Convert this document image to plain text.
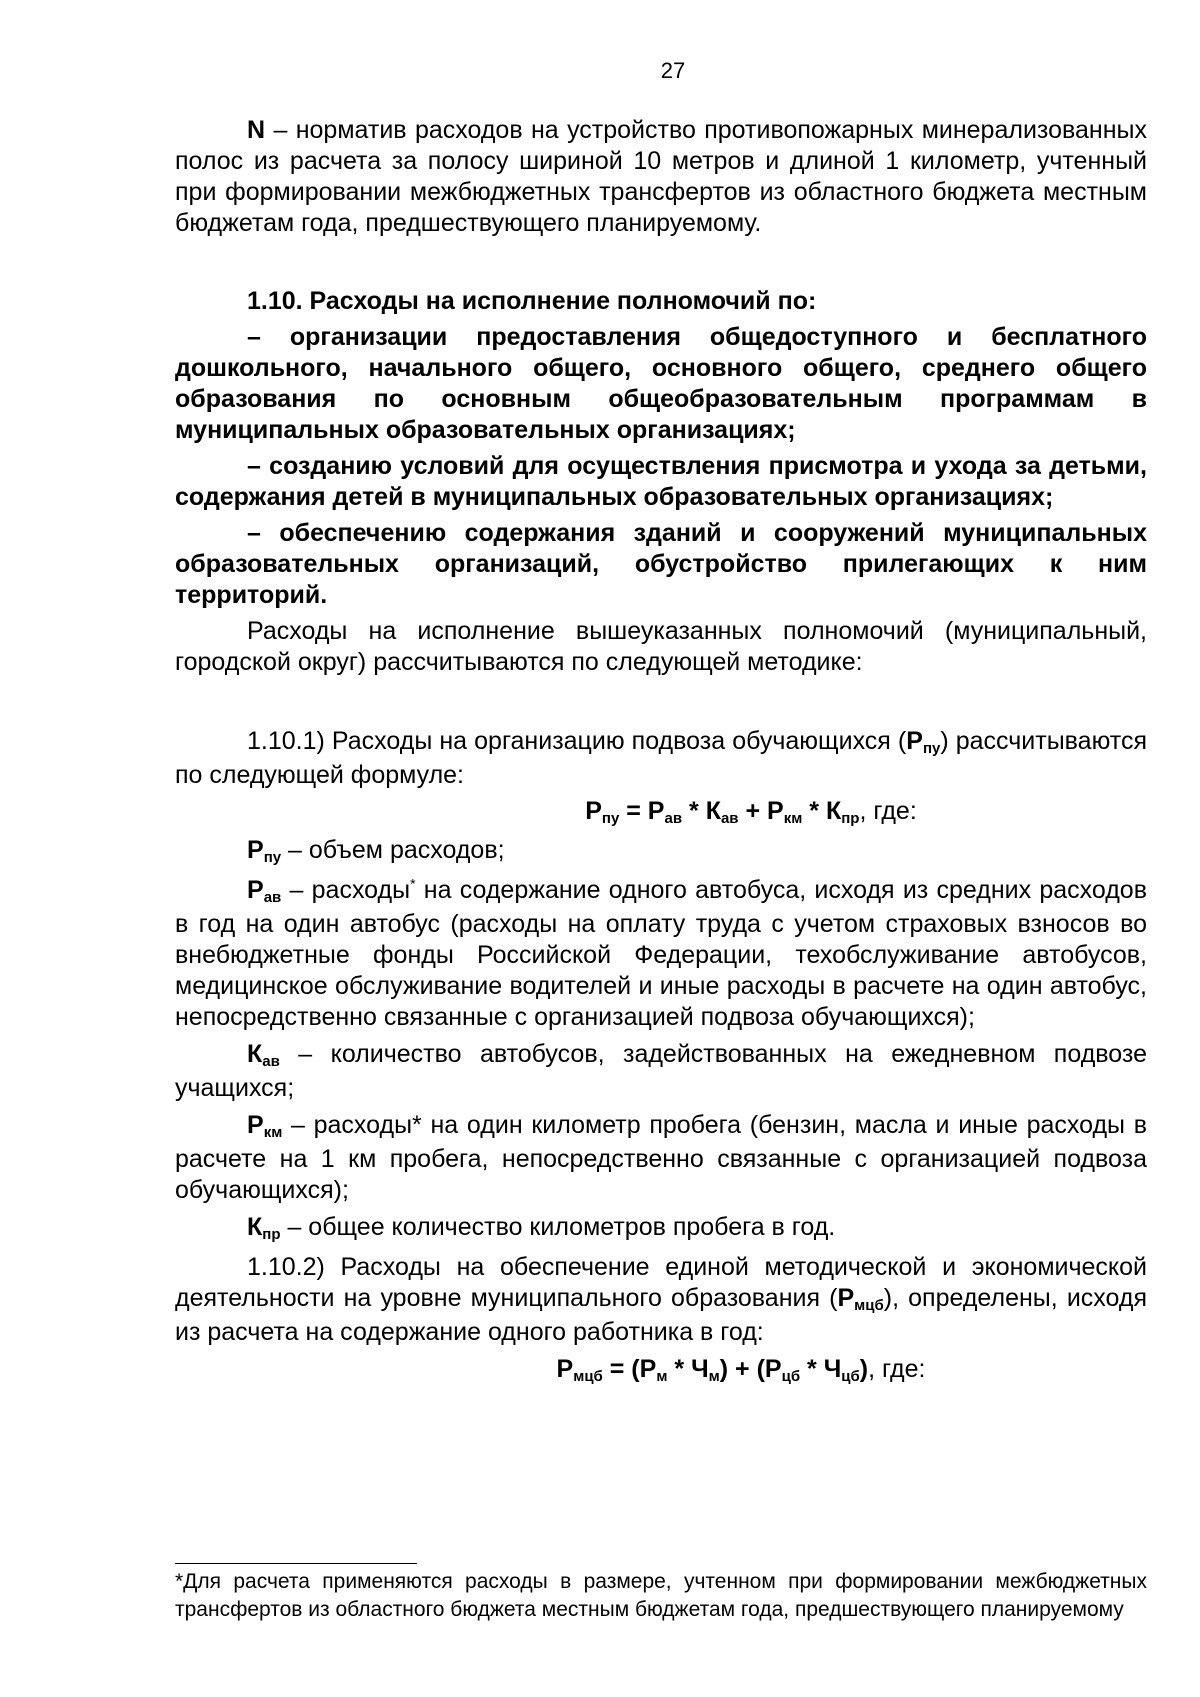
27

N – норматив расходов на устройство противопожарных минерализованных полос из расчета за полосу шириной 10 метров и длиной 1 километр, учтенный при формировании межбюджетных трансфертов из областного бюджета местным бюджетам года, предшествующего планируемому.

1.10. Расходы на исполнение полномочий по:

– организации предоставления общедоступного и бесплатного дошкольного, начального общего, основного общего, среднего общего образования по основным общеобразовательным программам в муниципальных образовательных организациях;

– созданию условий для осуществления присмотра и ухода за детьми, содержания детей в муниципальных образовательных организациях;

– обеспечению содержания зданий и сооружений муниципальных образовательных организаций, обустройство прилегающих к ним территорий.

Расходы на исполнение вышеуказанных полномочий (муниципальный, городской округ) рассчитываются по следующей методике:

1.10.1) Расходы на организацию подвоза обучающихся $(Р_{пу})$ рассчитываются по следующей формуле:

$Р_{пу} = Р_{ав} * К_{ав} + Р_{км} * К_{пр}$, где:

$Р_{пу}$ – объем расходов;

$Р_{ав}$ – расходы* на содержание одного автобуса, исходя из средних расходов в год на один автобус (расходы на оплату труда с учетом страховых взносов во внебюджетные фонды Российской Федерации, техобслуживание автобусов, медицинское обслуживание водителей и иные расходы в расчете на один автобус, непосредственно связанные с организацией подвоза обучающихся);

$К_{ав}$ – количество автобусов, задействованных на ежедневном подвозе учащихся;

$Р_{км}$ – расходы* на один километр пробега (бензин, масла и иные расходы в расчете на 1 км пробега, непосредственно связанные с организацией подвоза обучающихся);

$К_{пр}$ – общее количество километров пробега в год.

1.10.2) Расходы на обеспечение единой методической и экономической деятельности на уровне муниципального образования $(Р_{мцб})$, определены, исходя из расчета на содержание одного работника в год:

$Р_{мцб} = (Р_м * Ч_м) + (Р_{цб} * Ч_{цб})$, где:

*Для расчета применяются расходы в размере, учтенном при формировании межбюджетных трансфертов из областного бюджета местным бюджетам года, предшествующего планируемому
